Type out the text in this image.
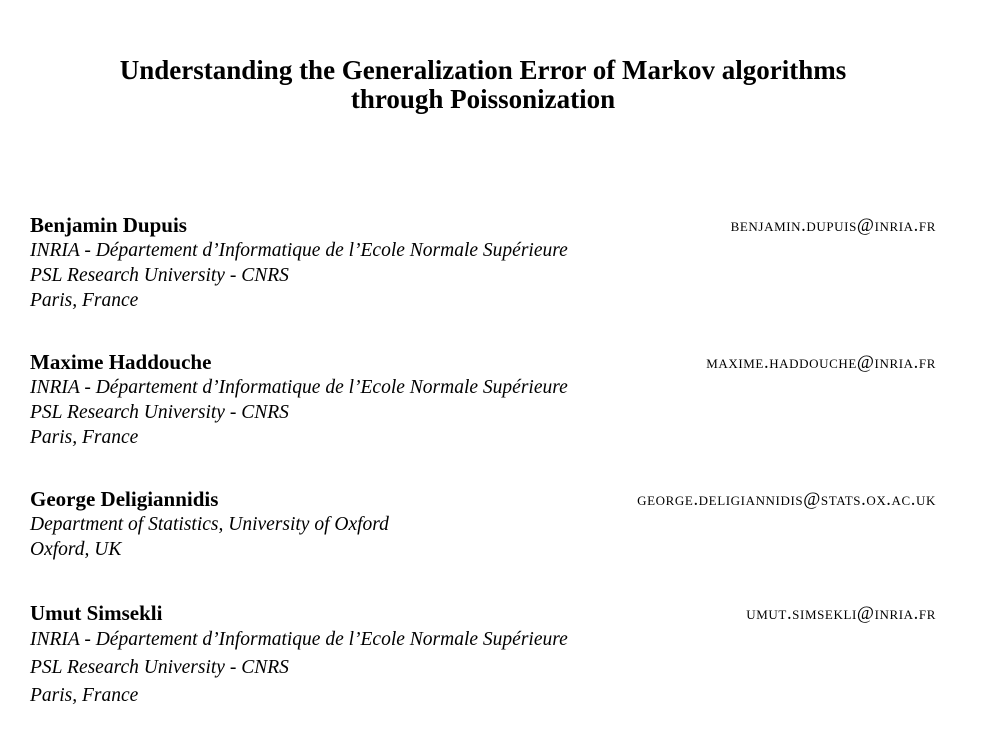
Understanding the Generalization Error of Markov algorithms
through Poissonization
Benjamin Dupuis	benjamin.dupuis@inria.fr
INRIA - Département d’Informatique de l’Ecole Normale Supérieure
PSL Research University - CNRS
Paris, France
Maxime Haddouche	maxime.haddouche@inria.fr
INRIA - Département d’Informatique de l’Ecole Normale Supérieure
PSL Research University - CNRS
Paris, France
George Deligiannidis	george.deligiannidis@stats.ox.ac.uk
Department of Statistics, University of Oxford
Oxford, UK
Umut Simsekli	umut.simsekli@inria.fr
INRIA - Département d’Informatique de l’Ecole Normale Supérieure
PSL Research University - CNRS
Paris, France
